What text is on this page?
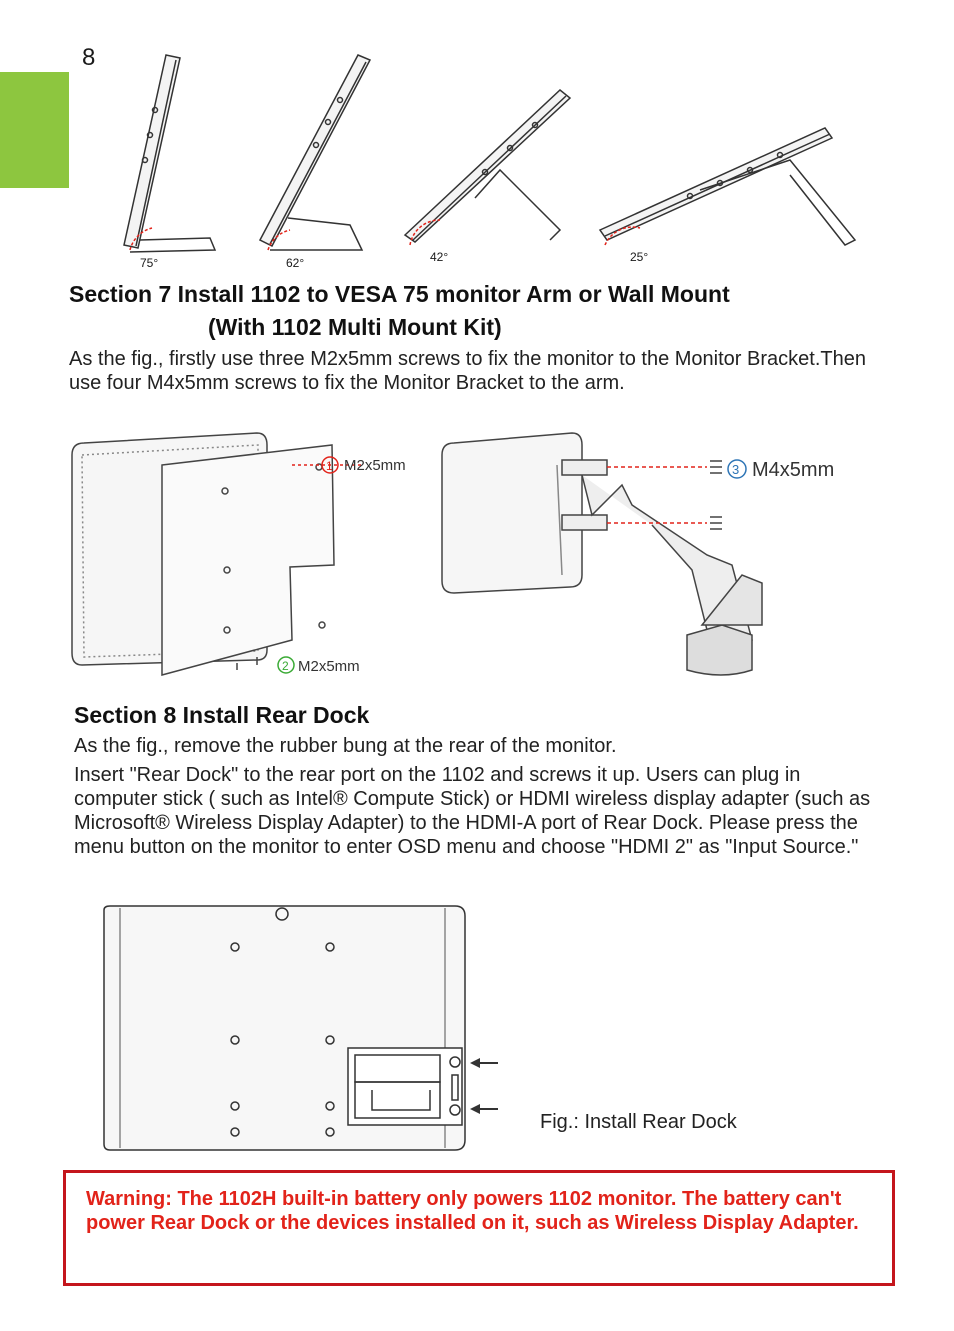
8
75°	62°	42°	25°
Section 7 Install 1102 to VESA 75 monitor Arm or Wall Mount
(With 1102 Multi Mount Kit)
As the fig., firstly use three M2x5mm screws to fix the monitor to the Monitor Bracket.Then use four M4x5mm screws to fix the Monitor Bracket to the arm.
1
2
3
M2x5mm
M2x5mm
M4x5mm
Section 8 Install Rear Dock

As the fig., remove the rubber bung at the rear of the monitor.

Insert "Rear Dock" to the rear port on the 1102 and screws it up. Users can plug in computer stick ( such as Intel® Compute Stick) or HDMI wireless display adapter (such as Microsoft® Wireless Display Adapter) to the HDMI-A port of Rear Dock. Please press the menu button on the monitor to enter OSD menu and choose "HDMI 2" as "Input Source."

Fig.: Install Rear Dock
Warning: The 1102H built-in battery only powers 1102 monitor. The battery can't power Rear Dock or the devices installed on it, such as Wireless Display Adapter.
